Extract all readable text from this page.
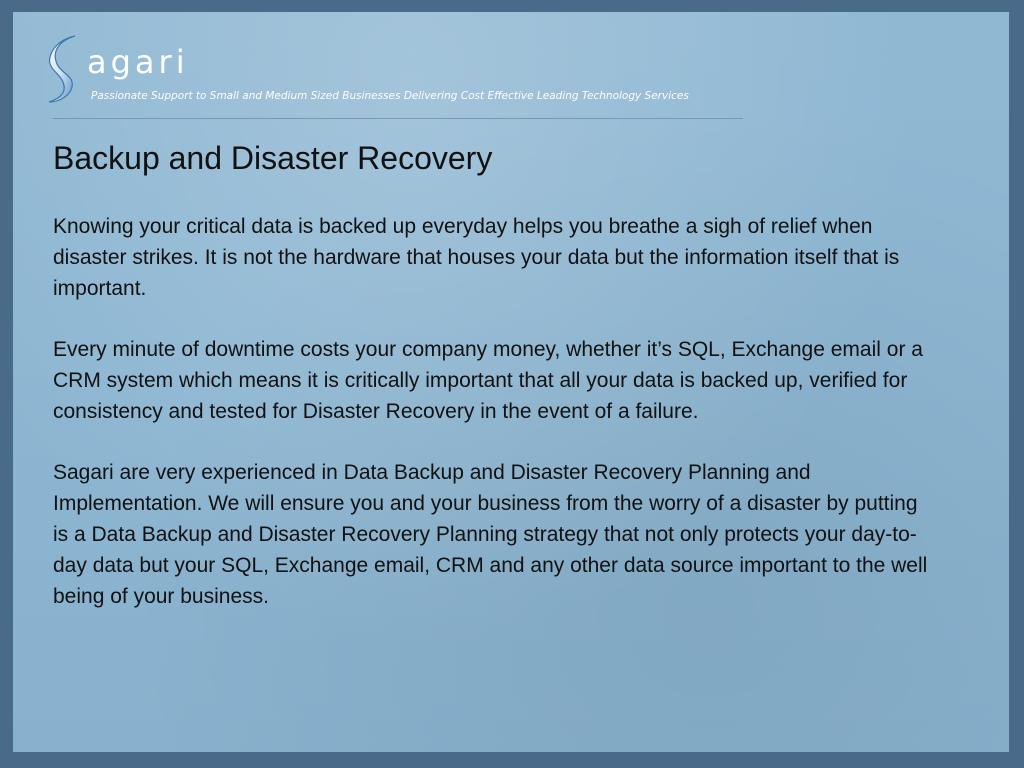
agari
Passionate Support to Small and Medium Sized Businesses Delivering Cost Effective Leading Technology Services
Backup and Disaster Recovery

Knowing your critical data is backed up everyday helps you breathe a sigh of relief when disaster strikes. It is not the hardware that houses your data but the information itself that is important.

Every minute of downtime costs your company money, whether it’s SQL, Exchange email or a CRM system which means it is critically important that all your data is backed up, verified for consistency and tested for Disaster Recovery in the event of a failure.

Sagari are very experienced in Data Backup and Disaster Recovery Planning and Implementation. We will ensure you and your business from the worry of a disaster by putting is a Data Backup and Disaster Recovery Planning strategy that not only protects your day-to-day data but your SQL, Exchange email, CRM and any other data source important to the well being of your business.
